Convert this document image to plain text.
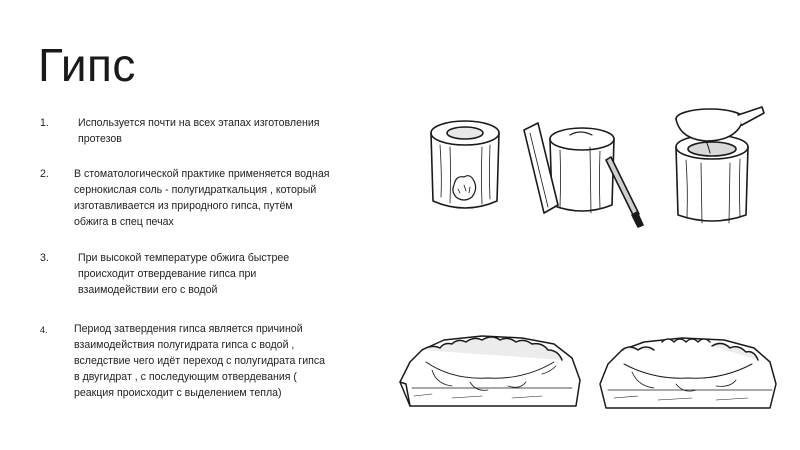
Гипс
1.	Используется почти на всех этапах изготовления
протезов
2.	В стоматологической практике применяется водная
сернокислая соль - полугидраткальция , который
изготавливается из природного гипса, путём
обжига в спец печах
3.	При высокой температуре обжига быстрее
происходит отвердевание гипса при
взаимодействии его с водой
4.	Период затвердения гипса является причиной
взаимодействия полугидрата гипса с водой ,
вследствие чего идёт переход с полугидрата гипса
в двугидрат , с последующим отвердевания (
реакция происходит с выделением тепла)
